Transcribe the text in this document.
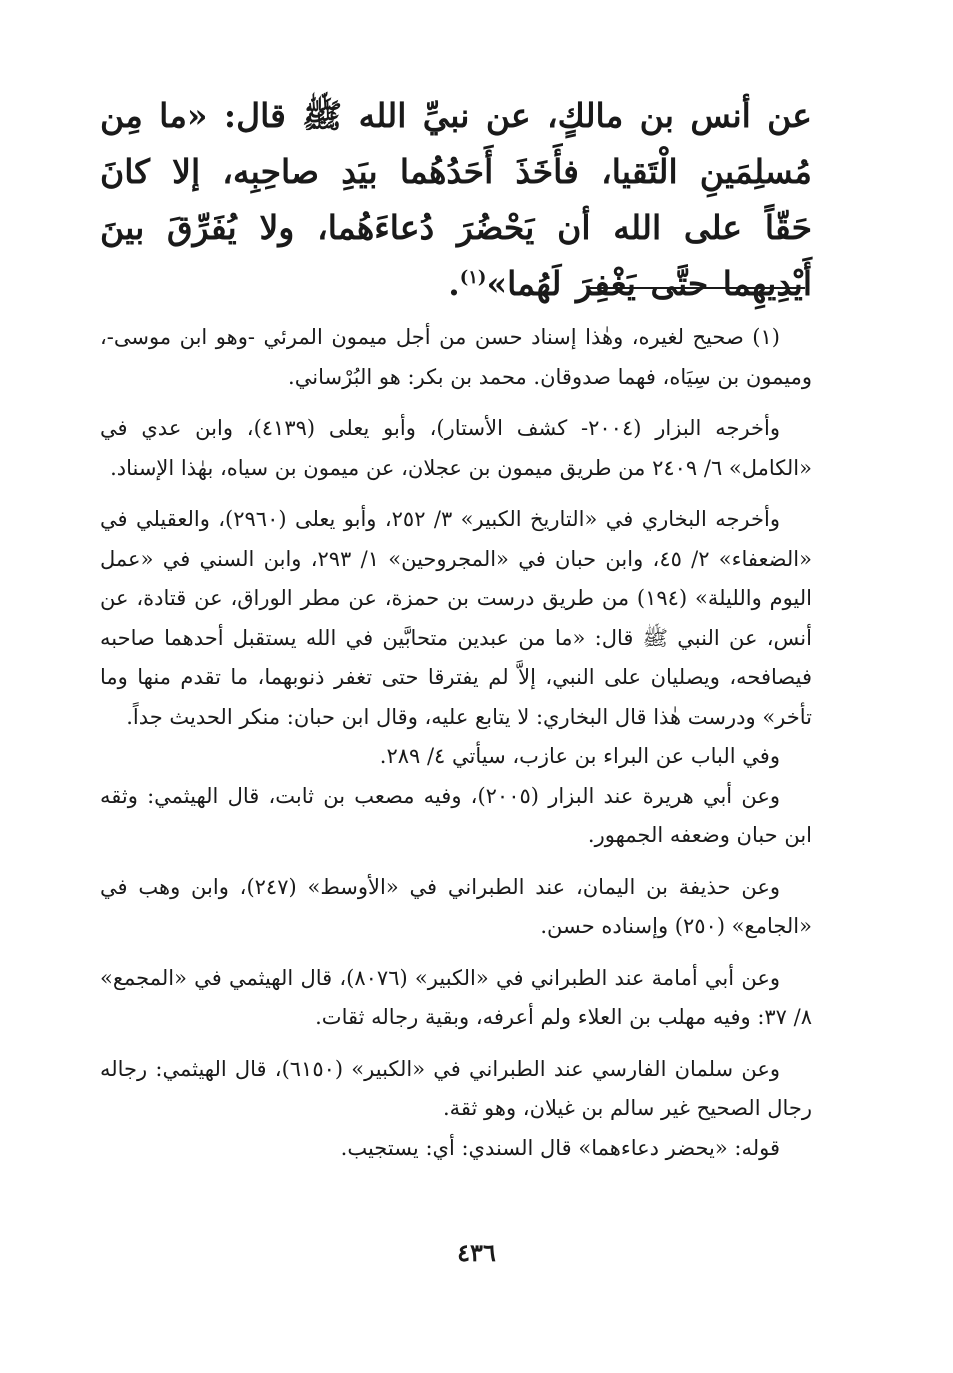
عن أنس بن مالكٍ، عن نبيِّ الله ﷺ قال: «ما مِن مُسلِمَينِ الْتَقيا، فأَخَذَ أَحَدُهُما بيَدِ صاحِبِه، إلا كانَ حَقّاً على الله أن يَحْضُرَ دُعاءَهُما، ولا يُفَرِّقَ بينَ أَيْدِيهِما حتَّى يَغْفِرَ لَهُما»$^{(١)}$.

(١) صحيح لغيره، وهٰذا إسناد حسن من أجل ميمون المرئي -وهو ابن موسى-، وميمون بن سِيَاه، فهما صدوقان. محمد بن بكر: هو البُرْساني.

وأخرجه البزار (٢٠٠٤- كشف الأستار)، وأبو يعلى (٤١٣٩)، وابن عدي في «الكامل» ٦/ ٢٤٠٩ من طريق ميمون بن عجلان، عن ميمون بن سياه، بهٰذا الإسناد.

وأخرجه البخاري في «التاريخ الكبير» ٣/ ٢٥٢، وأبو يعلى (٢٩٦٠)، والعقيلي في «الضعفاء» ٢/ ٤٥، وابن حبان في «المجروحين» ١/ ٢٩٣، وابن السني في «عمل اليوم والليلة» (١٩٤) من طريق درست بن حمزة، عن مطر الوراق، عن قتادة، عن أنس، عن النبي ﷺ قال: «ما من عبدين متحابَّين في الله يستقبل أحدهما صاحبه فيصافحه، ويصليان على النبي، إلاَّ لم يفترقا حتى تغفر ذنوبهما، ما تقدم منها وما تأخر» ودرست هٰذا قال البخاري: لا يتابع عليه، وقال ابن حبان: منكر الحديث جداً.

وفي الباب عن البراء بن عازب، سيأتي ٤/ ٢٨٩.

وعن أبي هريرة عند البزار (٢٠٠٥)، وفيه مصعب بن ثابت، قال الهيثمي: وثقه ابن حبان وضعفه الجمهور.

وعن حذيفة بن اليمان، عند الطبراني في «الأوسط» (٢٤٧)، وابن وهب في «الجامع» (٢٥٠) وإسناده حسن.

وعن أبي أمامة عند الطبراني في «الكبير» (٨٠٧٦)، قال الهيثمي في «المجمع» ٨/ ٣٧: وفيه مهلب بن العلاء ولم أعرفه، وبقية رجاله ثقات.

وعن سلمان الفارسي عند الطبراني في «الكبير» (٦١٥٠)، قال الهيثمي: رجاله رجال الصحيح غير سالم بن غيلان، وهو ثقة.

قوله: «يحضر دعاءهما» قال السندي: أي: يستجيب.

٤٣٦
